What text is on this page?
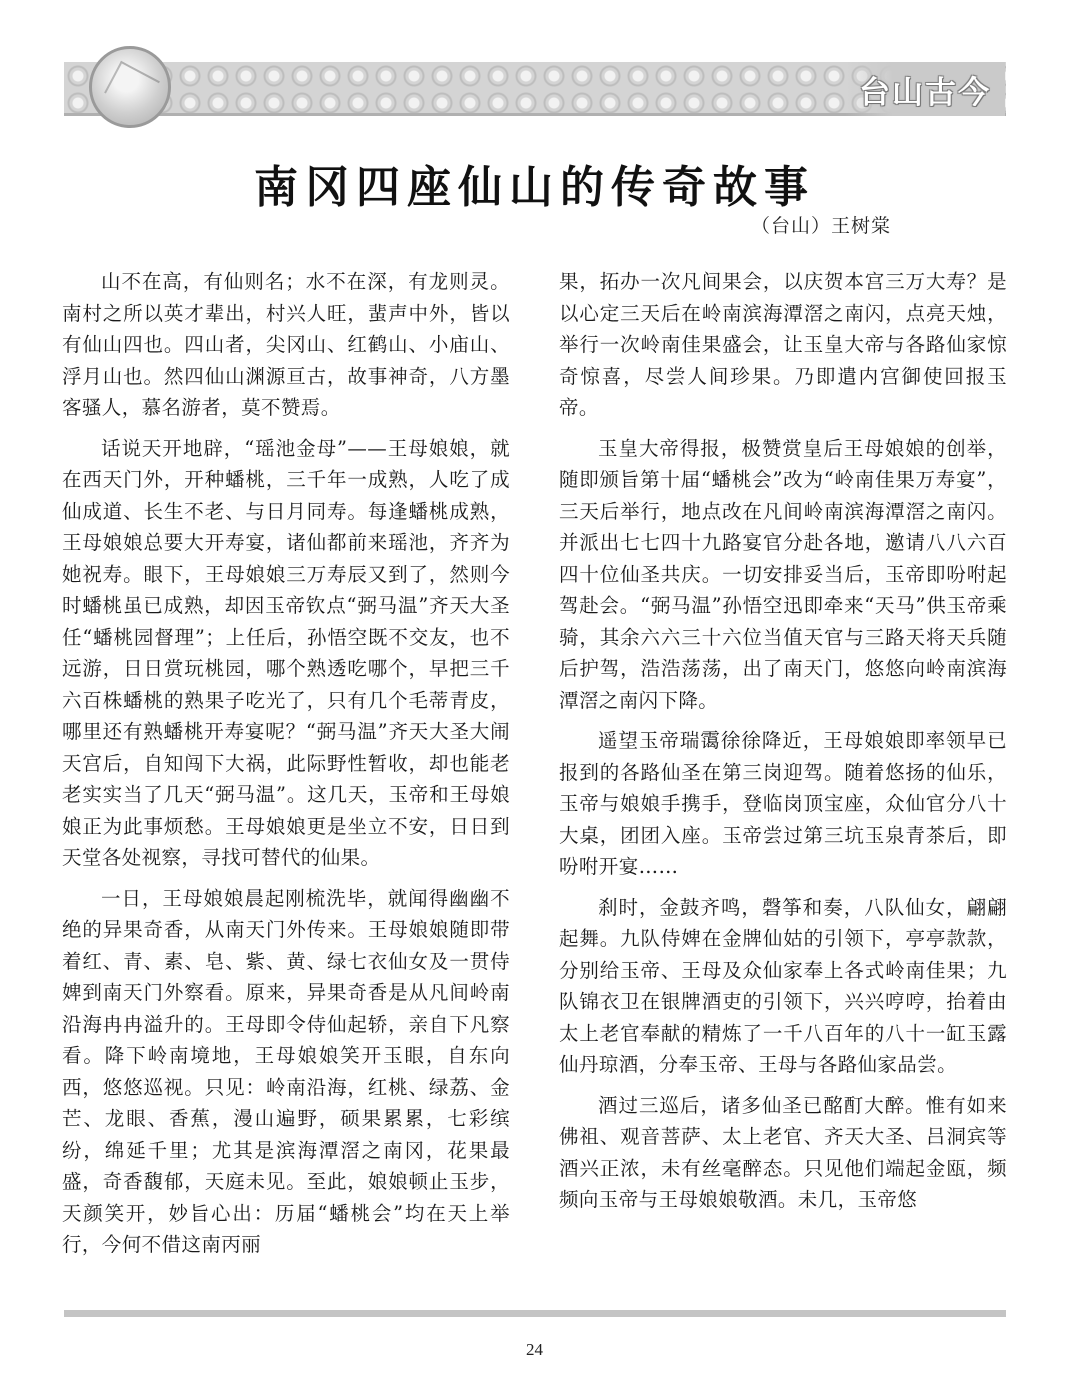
台山古今
南冈四座仙山的传奇故事
（台山）王树棠

山不在高，有仙则名；水不在深，有龙则灵。南村之所以英才辈出，村兴人旺，蜚声中外，皆以有仙山四也。四山者，尖冈山、红鹤山、小庙山、浮月山也。然四仙山渊源亘古，故事神奇，八方墨客骚人，慕名游者，莫不赞焉。

话说天开地辟，“瑶池金母”——王母娘娘，就在西天门外，开种蟠桃，三千年一成熟，人吃了成仙成道、长生不老、与日月同寿。每逢蟠桃成熟，王母娘娘总要大开寿宴，诸仙都前来瑶池，齐齐为她祝寿。眼下，王母娘娘三万寿辰又到了，然则今时蟠桃虽已成熟，却因玉帝钦点“弼马温”齐天大圣任“蟠桃园督理”；上任后，孙悟空既不交友，也不远游，日日赏玩桃园，哪个熟透吃哪个，早把三千六百株蟠桃的熟果子吃光了，只有几个毛蒂青皮，哪里还有熟蟠桃开寿宴呢？“弼马温”齐天大圣大闹天宫后，自知闯下大祸，此际野性暂收，却也能老老实实当了几天“弼马温”。这几天，玉帝和王母娘娘正为此事烦愁。王母娘娘更是坐立不安，日日到天堂各处视察，寻找可替代的仙果。

一日，王母娘娘晨起刚梳洗毕，就闻得幽幽不绝的异果奇香，从南天门外传来。王母娘娘随即带着红、青、素、皂、紫、黄、绿七衣仙女及一贯侍婢到南天门外察看。原来，异果奇香是从凡间岭南沿海冉冉溢升的。王母即令侍仙起轿，亲自下凡察看。降下岭南境地，王母娘娘笑开玉眼，自东向西，悠悠巡视。只见：岭南沿海，红桃、绿荔、金芒、龙眼、香蕉，漫山遍野，硕果累累，七彩缤纷，绵延千里；尤其是滨海潭滘之南冈，花果最盛，奇香馥郁，天庭未见。至此，娘娘顿止玉步，天颜笑开，妙旨心出：历届“蟠桃会”均在天上举行，今何不借这南丙丽

果，拓办一次凡间果会，以庆贺本宫三万大寿？是以心定三天后在岭南滨海潭滘之南闪，点亮天烛，举行一次岭南佳果盛会，让玉皇大帝与各路仙家惊奇惊喜，尽尝人间珍果。乃即遣内宫御使回报玉帝。

玉皇大帝得报，极赞赏皇后王母娘娘的创举，随即颁旨第十届“蟠桃会”改为“岭南佳果万寿宴”，三天后举行，地点改在凡间岭南滨海潭滘之南闪。并派出七七四十九路宴官分赴各地，邀请八八六百四十位仙圣共庆。一切安排妥当后，玉帝即吩咐起驾赴会。“弼马温”孙悟空迅即牵来“天马”供玉帝乘骑，其余六六三十六位当值天官与三路天将天兵随后护驾，浩浩荡荡，出了南天门，悠悠向岭南滨海潭滘之南闪下降。

遥望玉帝瑞霭徐徐降近，王母娘娘即率领早已报到的各路仙圣在第三岗迎驾。随着悠扬的仙乐，玉帝与娘娘手携手，登临岗顶宝座，众仙官分八十大桌，团团入座。玉帝尝过第三坑玉泉青茶后，即吩咐开宴……

刹时，金鼓齐鸣，磬筝和奏，八队仙女，翩翩起舞。九队侍婢在金牌仙姑的引领下，亭亭款款，分别给玉帝、王母及众仙家奉上各式岭南佳果；九队锦衣卫在银牌酒吏的引领下，兴兴哼哼，抬着由太上老官奉献的精炼了一千八百年的八十一缸玉露仙丹琼酒，分奉玉帝、王母与各路仙家品尝。

酒过三巡后，诸多仙圣已酩酊大醉。惟有如来佛祖、观音菩萨、太上老官、齐天大圣、吕洞宾等酒兴正浓，未有丝毫醉态。只见他们端起金瓯，频频向玉帝与王母娘娘敬酒。未几，玉帝悠

24
